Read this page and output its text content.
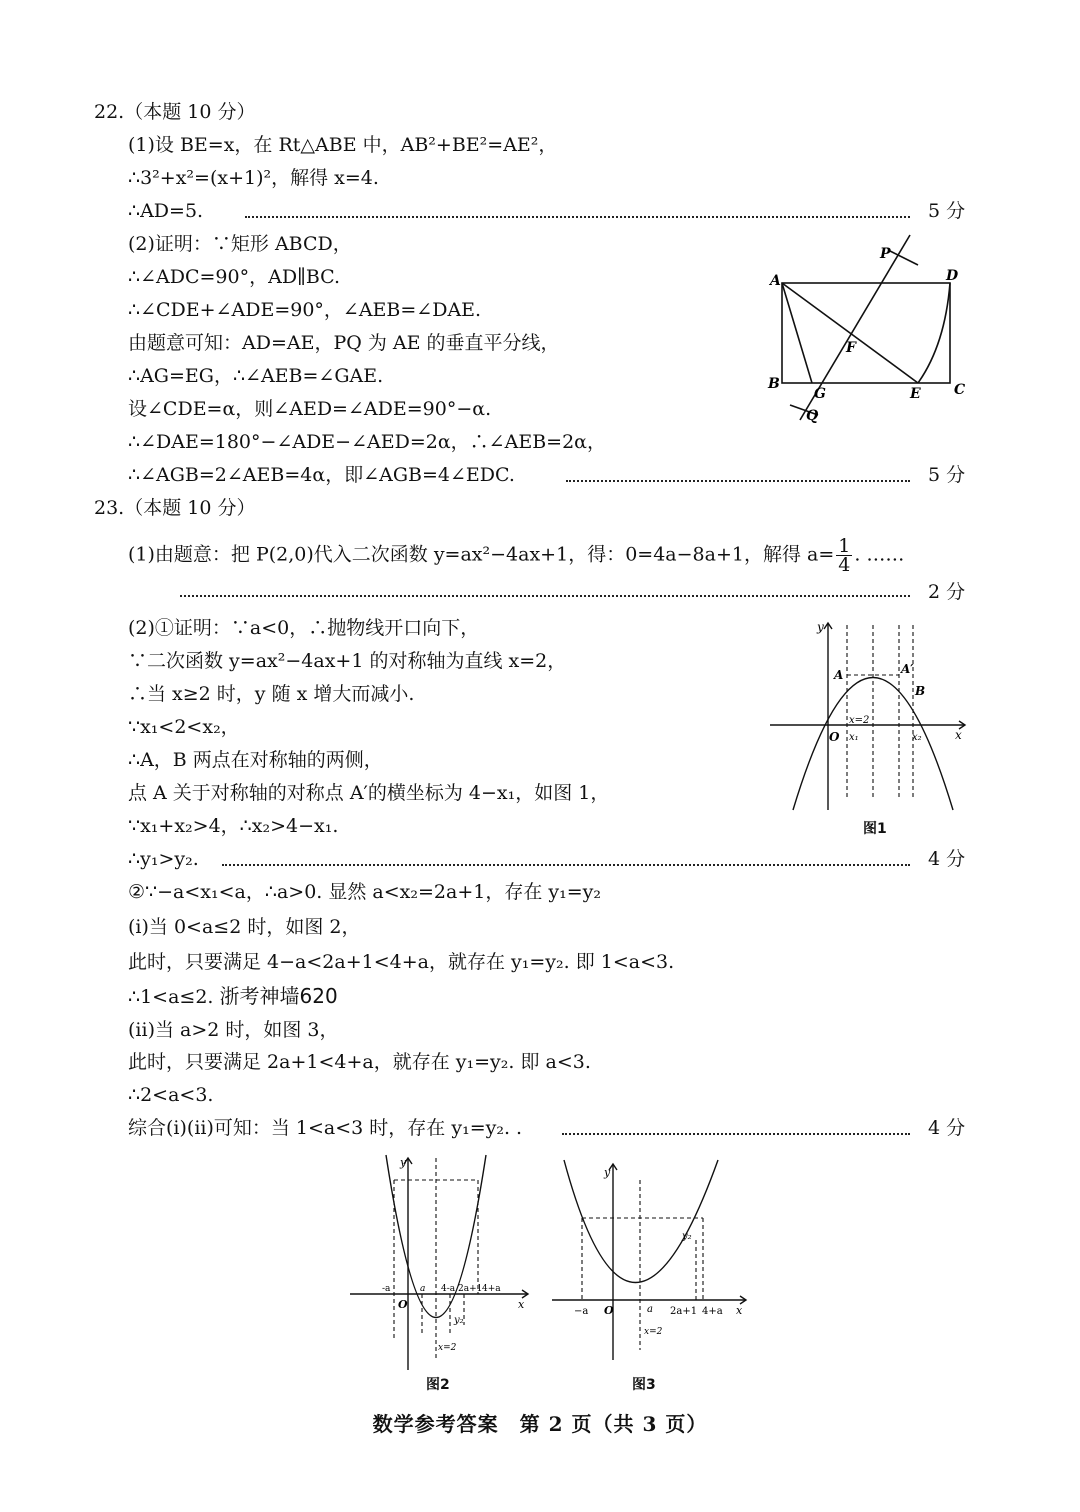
22.（本题 10 分）
(1)设 BE=x，在 Rt△ABE 中，AB²+BE²=AE²，
∴3²+x²=(x+1)²，解得 x=4.
∴AD=5.	5 分
(2)证明：∵矩形 ABCD，
∴∠ADC=90°，AD∥BC.
∴∠CDE+∠ADE=90°，∠AEB=∠DAE.
由题意可知：AD=AE，PQ 为 AE 的垂直平分线，
∴AG=EG，∴∠AEB=∠GAE.
设∠CDE=α，则∠AED=∠ADE=90°−α.
∴∠DAE=180°−∠ADE−∠AED=2α，∴∠AEB=2α，
∴∠AGB=2∠AEB=4α，即∠AGB=4∠EDC.	5 分
A
B	C
D
E
F
G
P
Q
23.（本题 10 分）
(1)由题意：把 P(2,0)代入二次函数 y=ax²−4ax+1，得：0=4a−8a+1，解得 $a= \frac{1}{4}$ . ……
2 分
(2)①证明：∵a<0，∴抛物线开口向下，
∵二次函数 y=ax²−4ax+1 的对称轴为直线 x=2，
∴当 x≥2 时，y 随 x 增大而减小.
∵x₁<2<x₂，
∴A，B 两点在对称轴的两侧，
点 A 关于对称轴的对称点 A′的横坐标为 4−x₁，如图 1，
∵x₁+x₂>4，∴x₂>4−x₁.
∴y₁>y₂.	4 分
②∵−a<x₁<a，∴a>0. 显然 a<x₂=2a+1，存在 y₁=y₂
(i)当 0<a≤2 时，如图 2，
此时，只要满足 4−a<2a+1<4+a，就存在 y₁=y₂. 即 1<a<3.
∴1<a≤2. 浙考神墙620
(ii)当 a>2 时，如图 3，
此时，只要满足 2a+1<4+a，就存在 y₁=y₂. 即 a<3.
∴2<a<3.
综合(i)(ii)可知：当 1<a<3 时，存在 y₁=y₂. .	4 分
y
x
O
A	A′
B
x₁	x₂
x=2
图1
y
x
O
-a	a 4-a 2a+1 4+a
y₂
x=2
图2
y
x
O
−a	a 2a+1 4+a
y₂
x=2
图3
数学参考答案　第 2 页（共 3 页）
